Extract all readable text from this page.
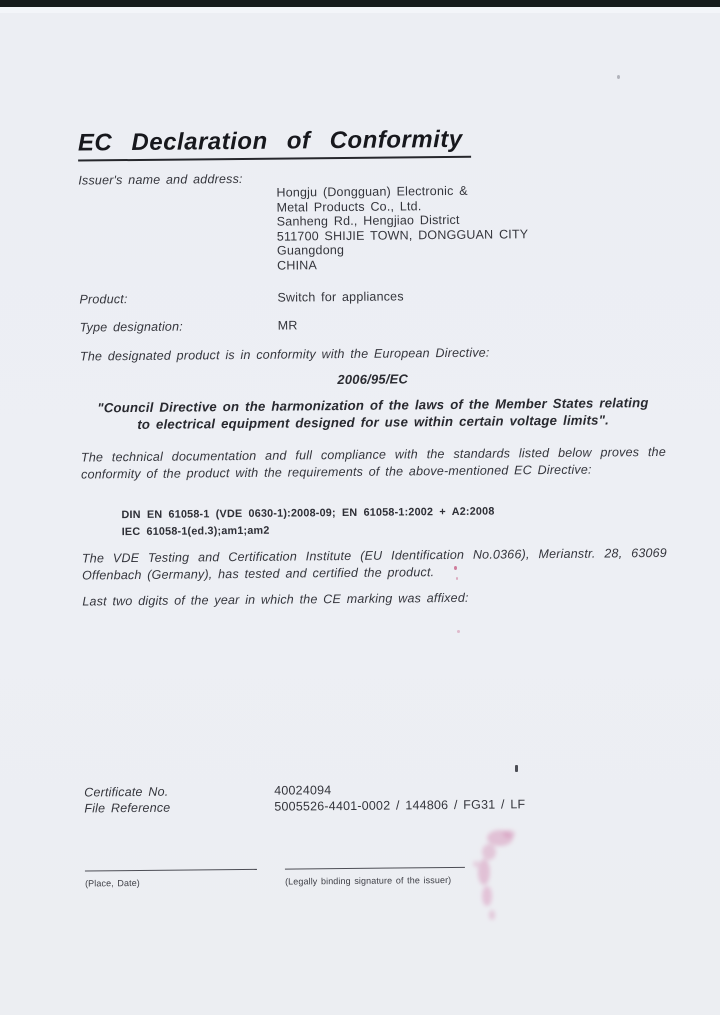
EC Declaration of Conformity
Issuer's name and address:
Hongju (Dongguan) Electronic &
Metal Products Co., Ltd.
Sanheng Rd., Hengjiao District
511700 SHIJIE TOWN, DONGGUAN CITY
Guangdong
CHINA
Product:	Switch for appliances
Type designation:	MR

The designated product is in conformity with the European Directive:

2006/95/EC
"Council Directive on the harmonization of the laws of the Member States relating
to electrical equipment designed for use within certain voltage limits".

The technical documentation and full compliance with the standards listed below proves the conformity of the product with the requirements of the above-mentioned EC Directive:

DIN EN 61058-1 (VDE 0630-1):2008-09; EN 61058-1:2002 + A2:2008
IEC 61058-1(ed.3);am1;am2

The VDE Testing and Certification Institute (EU Identification No.0366), Merianstr. 28, 63069 Offenbach (Germany), has tested and certified the product.

Last two digits of the year in which the CE marking was affixed:

Certificate No.	40024094
File Reference	5005526-4401-0002 / 144806 / FG31 / LF
(Place, Date)	(Legally binding signature of the issuer)
